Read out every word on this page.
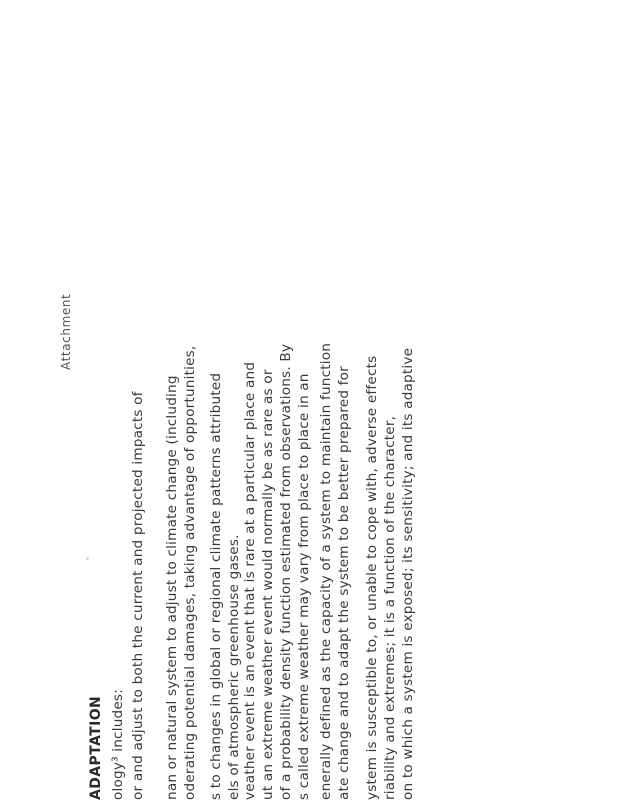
Attachment
ADAPTATION ology³ includes: or and adjust to both the current and projected impacts of nan or natural system to adjust to climate change (including oderating potential damages, taking advantage of opportunities, s to changes in global or regional climate patterns attributed els of atmospheric greenhouse gases. veather event is an event that is rare at a particular place and ut an extreme weather event would normally be as rare as or of a probability density function estimated from observations. By s called extreme weather may vary from place to place in an enerally defined as the capacity of a system to maintain function ate change and to adapt the system to be better prepared for ystem is susceptible to, or unable to cope with, adverse effects riability and extremes; it is a function of the character, on to which a system is exposed; its sensitivity; and its adaptive
